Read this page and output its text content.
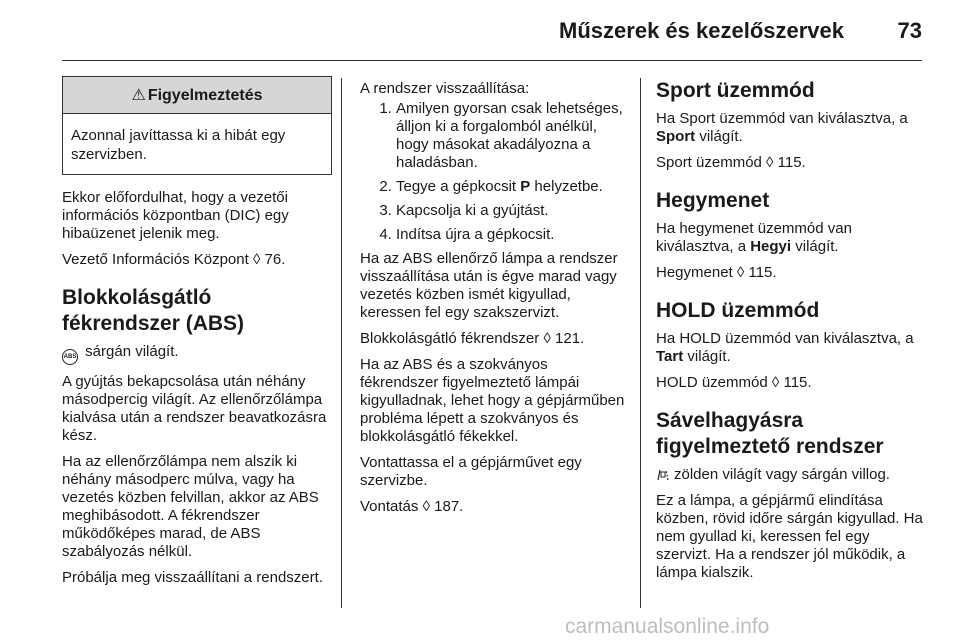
Műszerek és kezelőszervek 73
⚠ Figyelmeztetés
Azonnal javíttassa ki a hibát egy szervizben.

Ekkor előfordulhat, hogy a vezetői információs központban (DIC) egy hibaüzenet jelenik meg.

Vezető Információs Központ ◊ 76.

Blokkolásgátló fékrendszer (ABS)

ABS sárgán világít.

A gyújtás bekapcsolása után néhány másodpercig világít. Az ellenőrzőlámpa kialvása után a rendszer beavatkozásra kész.

Ha az ellenőrzőlámpa nem alszik ki néhány másodperc múlva, vagy ha vezetés közben felvillan, akkor az ABS meghibásodott. A fékrendszer működőképes marad, de ABS szabályozás nélkül.

Próbálja meg visszaállítani a rendszert.

A rendszer visszaállítása:

1. Amilyen gyorsan csak lehetséges, álljon ki a forgalomból anélkül, hogy másokat akadályozna a haladásban.
2. Tegye a gépkocsit P helyzetbe.
3. Kapcsolja ki a gyújtást.
4. Indítsa újra a gépkocsit.

Ha az ABS ellenőrző lámpa a rendszer visszaállítása után is égve marad vagy vezetés közben ismét kigyullad, keressen fel egy szakszervizt.

Blokkolásgátló fékrendszer ◊ 121.

Ha az ABS és a szokványos fékrendszer figyelmeztető lámpái kigyulladnak, lehet hogy a gépjárműben probléma lépett a szokványos és blokkolásgátló fékekkel.

Vontattassa el a gépjárművet egy szervizbe.

Vontatás ◊ 187.

Sport üzemmód

Ha Sport üzemmód van kiválasztva, a Sport világít.

Sport üzemmód ◊ 115.

Hegymenet

Ha hegymenet üzemmód van kiválasztva, a Hegyi világít.

Hegymenet ◊ 115.

HOLD üzemmód

Ha HOLD üzemmód van kiválasztva, a Tart világít.

HOLD üzemmód ◊ 115.

Sávelhagyásra figyelmeztető rendszer

zölden világít vagy sárgán villog.

Ez a lámpa, a gépjármű elindítása közben, rövid időre sárgán kigyullad. Ha nem gyullad ki, keressen fel egy szervizt. Ha a rendszer jól működik, a lámpa kialszik.

carmanualsonline.info
